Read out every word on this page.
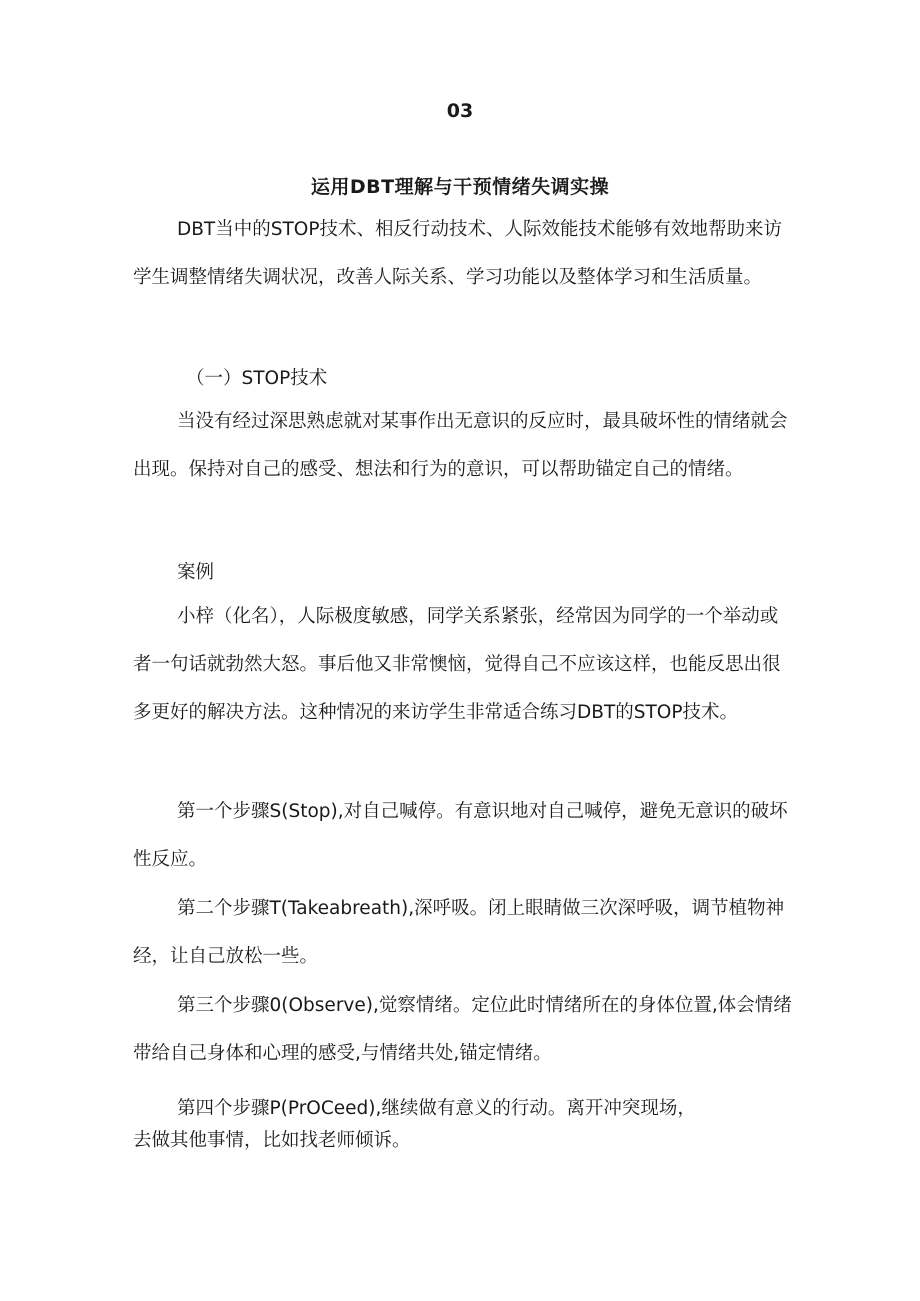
03
运用DBT理解与干预情绪失调实操
DBT当中的STOP技术、相反行动技术、人际效能技术能够有效地帮助来访学生调整情绪失调状况，改善人际关系、学习功能以及整体学习和生活质量。
（一）STOP技术
当没有经过深思熟虑就对某事作出无意识的反应时，最具破坏性的情绪就会出现。保持对自己的感受、想法和行为的意识，可以帮助锚定自己的情绪。
案例
小梓（化名），人际极度敏感，同学关系紧张，经常因为同学的一个举动或者一句话就勃然大怒。事后他又非常懊恼，觉得自己不应该这样，也能反思出很多更好的解决方法。这种情况的来访学生非常适合练习DBT的STOP技术。
第一个步骤S(Stop),对自己喊停。有意识地对自己喊停，避免无意识的破坏性反应。
第二个步骤T(Takeabreath),深呼吸。闭上眼睛做三次深呼吸，调节植物神经，让自己放松一些。
第三个步骤0(Observe),觉察情绪。定位此时情绪所在的身体位置,体会情绪带给自己身体和心理的感受,与情绪共处,锚定情绪。
第四个步骤P(PrOCeed),继续做有意义的行动。离开冲突现场，
去做其他事情，比如找老师倾诉。
